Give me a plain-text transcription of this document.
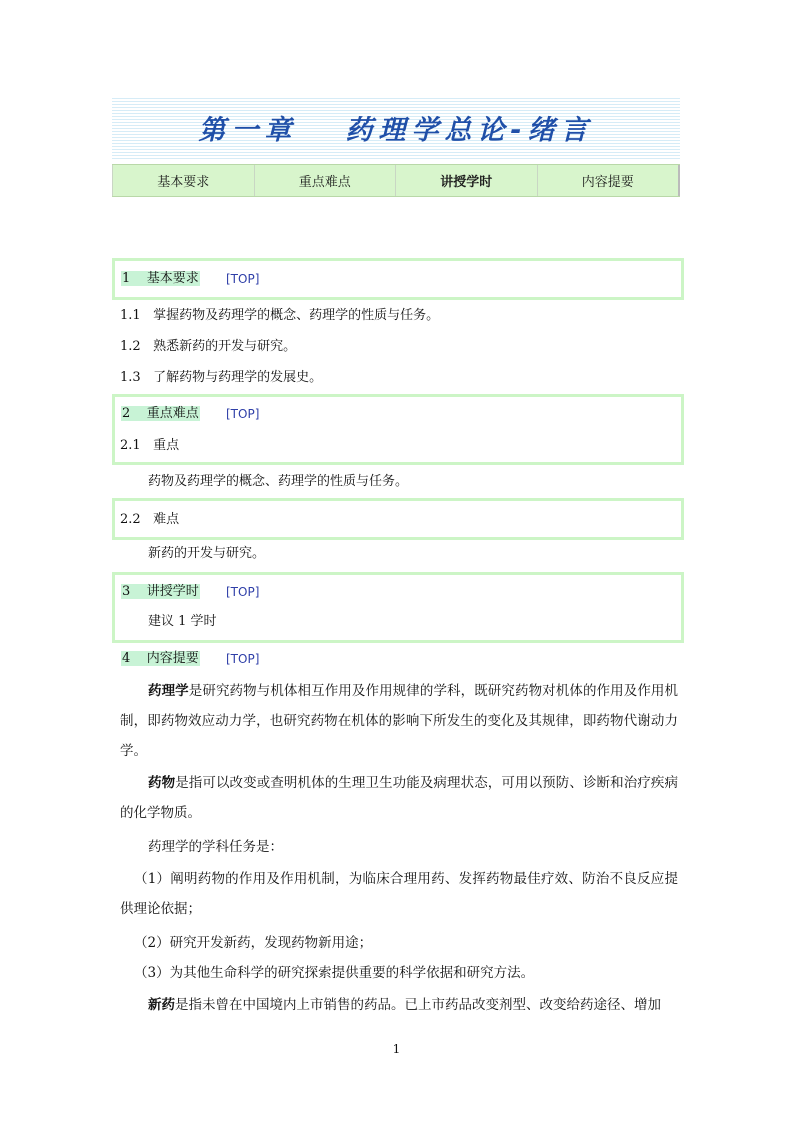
第一章 药理学总论-绪言
基本要求	重点难点	讲授学时	内容提要
1 基本要求 [TOP]
1.1 掌握药物及药理学的概念、药理学的性质与任务。
1.2 熟悉新药的开发与研究。
1.3 了解药物与药理学的发展史。
2 重点难点 [TOP]
2.1 重点
药物及药理学的概念、药理学的性质与任务。
2.2 难点
新药的开发与研究。
3 讲授学时 [TOP]
建议 1 学时
4 内容提要 [TOP]
药理学是研究药物与机体相互作用及作用规律的学科，既研究药物对机体的作用及作用机制，即药物效应动力学，也研究药物在机体的影响下所发生的变化及其规律，即药物代谢动力学。
药物是指可以改变或查明机体的生理卫生功能及病理状态，可用以预防、诊断和治疗疾病的化学物质。
药理学的学科任务是：
（1）阐明药物的作用及作用机制，为临床合理用药、发挥药物最佳疗效、防治不良反应提供理论依据；
（2）研究开发新药，发现药物新用途；
（3）为其他生命科学的研究探索提供重要的科学依据和研究方法。
新药是指未曾在中国境内上市销售的药品。已上市药品改变剂型、改变给药途径、增加
1
